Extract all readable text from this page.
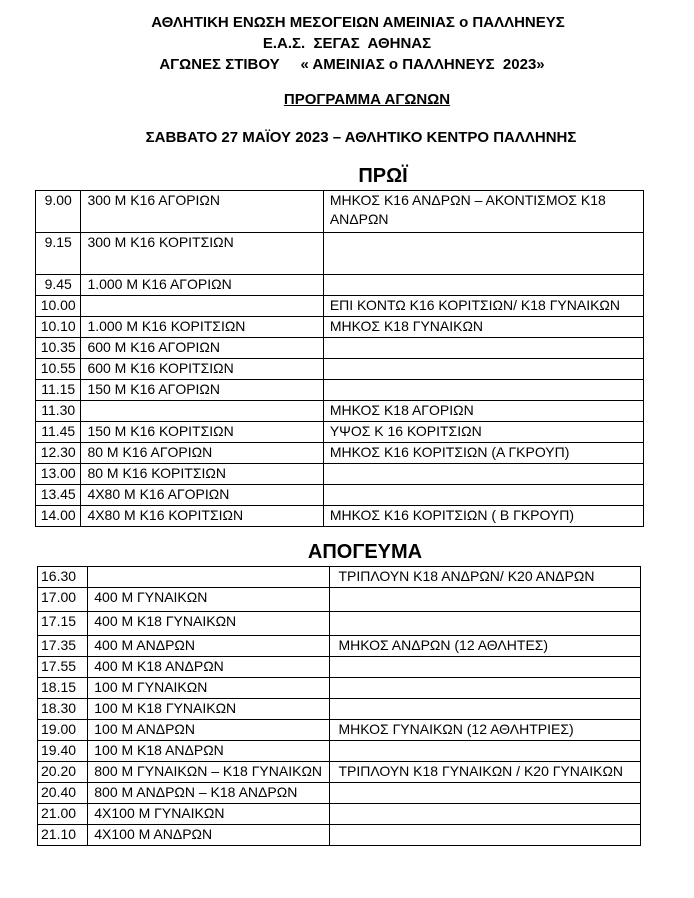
ΑΘΛΗΤΙΚΗ ΕΝΩΣΗ ΜΕΣΟΓΕΙΩΝ ΑΜΕΙΝΙΑΣ ο ΠΑΛΛΗΝΕΥΣ
Ε.Α.Σ.  ΣΕΓΑΣ  ΑΘΗΝΑΣ
ΑΓΩΝΕΣ ΣΤΙΒΟΥ     « ΑΜΕΙΝΙΑΣ ο ΠΑΛΛΗΝΕΥΣ  2023»
ΠΡΟΓΡΑΜΜΑ ΑΓΩΝΩΝ
ΣΑΒΒΑΤΟ 27 ΜΑΪΟΥ 2023 – ΑΘΛΗΤΙΚΟ ΚΕΝΤΡΟ ΠΑΛΛΗΝΗΣ
ΠΡΩΪ
9.00	300 Μ Κ16 ΑΓΟΡΙΩΝ	ΜΗΚΟΣ Κ16 ΑΝΔΡΩΝ – ΑΚΟΝΤΙΣΜΟΣ Κ18 ΑΝΔΡΩΝ
9.15	300 Μ Κ16 ΚΟΡΙΤΣΙΩΝ	
9.45	1.000 Μ Κ16 ΑΓΟΡΙΩΝ	
10.00		ΕΠΙ ΚΟΝΤΩ Κ16 ΚΟΡΙΤΣΙΩΝ/ Κ18 ΓΥΝΑΙΚΩΝ
10.10	1.000 Μ Κ16 ΚΟΡΙΤΣΙΩΝ	ΜΗΚΟΣ Κ18 ΓΥΝΑΙΚΩΝ
10.35	600 Μ Κ16 ΑΓΟΡΙΩΝ	
10.55	600 Μ Κ16 ΚΟΡΙΤΣΙΩΝ	
11.15	150 Μ Κ16 ΑΓΟΡΙΩΝ	
11.30		ΜΗΚΟΣ Κ18 ΑΓΟΡΙΩΝ
11.45	150 Μ Κ16 ΚΟΡΙΤΣΙΩΝ	ΥΨΟΣ Κ 16 ΚΟΡΙΤΣΙΩΝ
12.30	80 Μ Κ16 ΑΓΟΡΙΩΝ	ΜΗΚΟΣ Κ16 ΚΟΡΙΤΣΙΩΝ (Α ΓΚΡΟΥΠ)
13.00	80 Μ Κ16 ΚΟΡΙΤΣΙΩΝ	
13.45	4Χ80 Μ Κ16 ΑΓΟΡΙΩΝ	
14.00	4Χ80 Μ Κ16 ΚΟΡΙΤΣΙΩΝ	ΜΗΚΟΣ Κ16 ΚΟΡΙΤΣΙΩΝ ( Β ΓΚΡΟΥΠ)
ΑΠΟΓΕΥΜΑ
16.30		ΤΡΙΠΛΟΥΝ Κ18 ΑΝΔΡΩΝ/ Κ20 ΑΝΔΡΩΝ
17.00	400 Μ ΓΥΝΑΙΚΩΝ	
17.15	400 Μ Κ18 ΓΥΝΑΙΚΩΝ	
17.35	400 Μ ΑΝΔΡΩΝ	ΜΗΚΟΣ ΑΝΔΡΩΝ (12 ΑΘΛΗΤΕΣ)
17.55	400 Μ Κ18 ΑΝΔΡΩΝ	
18.15	100 Μ ΓΥΝΑΙΚΩΝ	
18.30	100 Μ Κ18 ΓΥΝΑΙΚΩΝ	
19.00	100 Μ ΑΝΔΡΩΝ	ΜΗΚΟΣ ΓΥΝΑΙΚΩΝ (12 ΑΘΛΗΤΡΙΕΣ)
19.40	100 Μ Κ18 ΑΝΔΡΩΝ	
20.20	800 Μ ΓΥΝΑΙΚΩΝ – Κ18 ΓΥΝΑΙΚΩΝ	ΤΡΙΠΛΟΥΝ Κ18 ΓΥΝΑΙΚΩΝ / Κ20 ΓΥΝΑΙΚΩΝ
20.40	800 Μ ΑΝΔΡΩΝ – Κ18 ΑΝΔΡΩΝ	
21.00	4Χ100 Μ ΓΥΝΑΙΚΩΝ	
21.10	4Χ100 Μ ΑΝΔΡΩΝ	
